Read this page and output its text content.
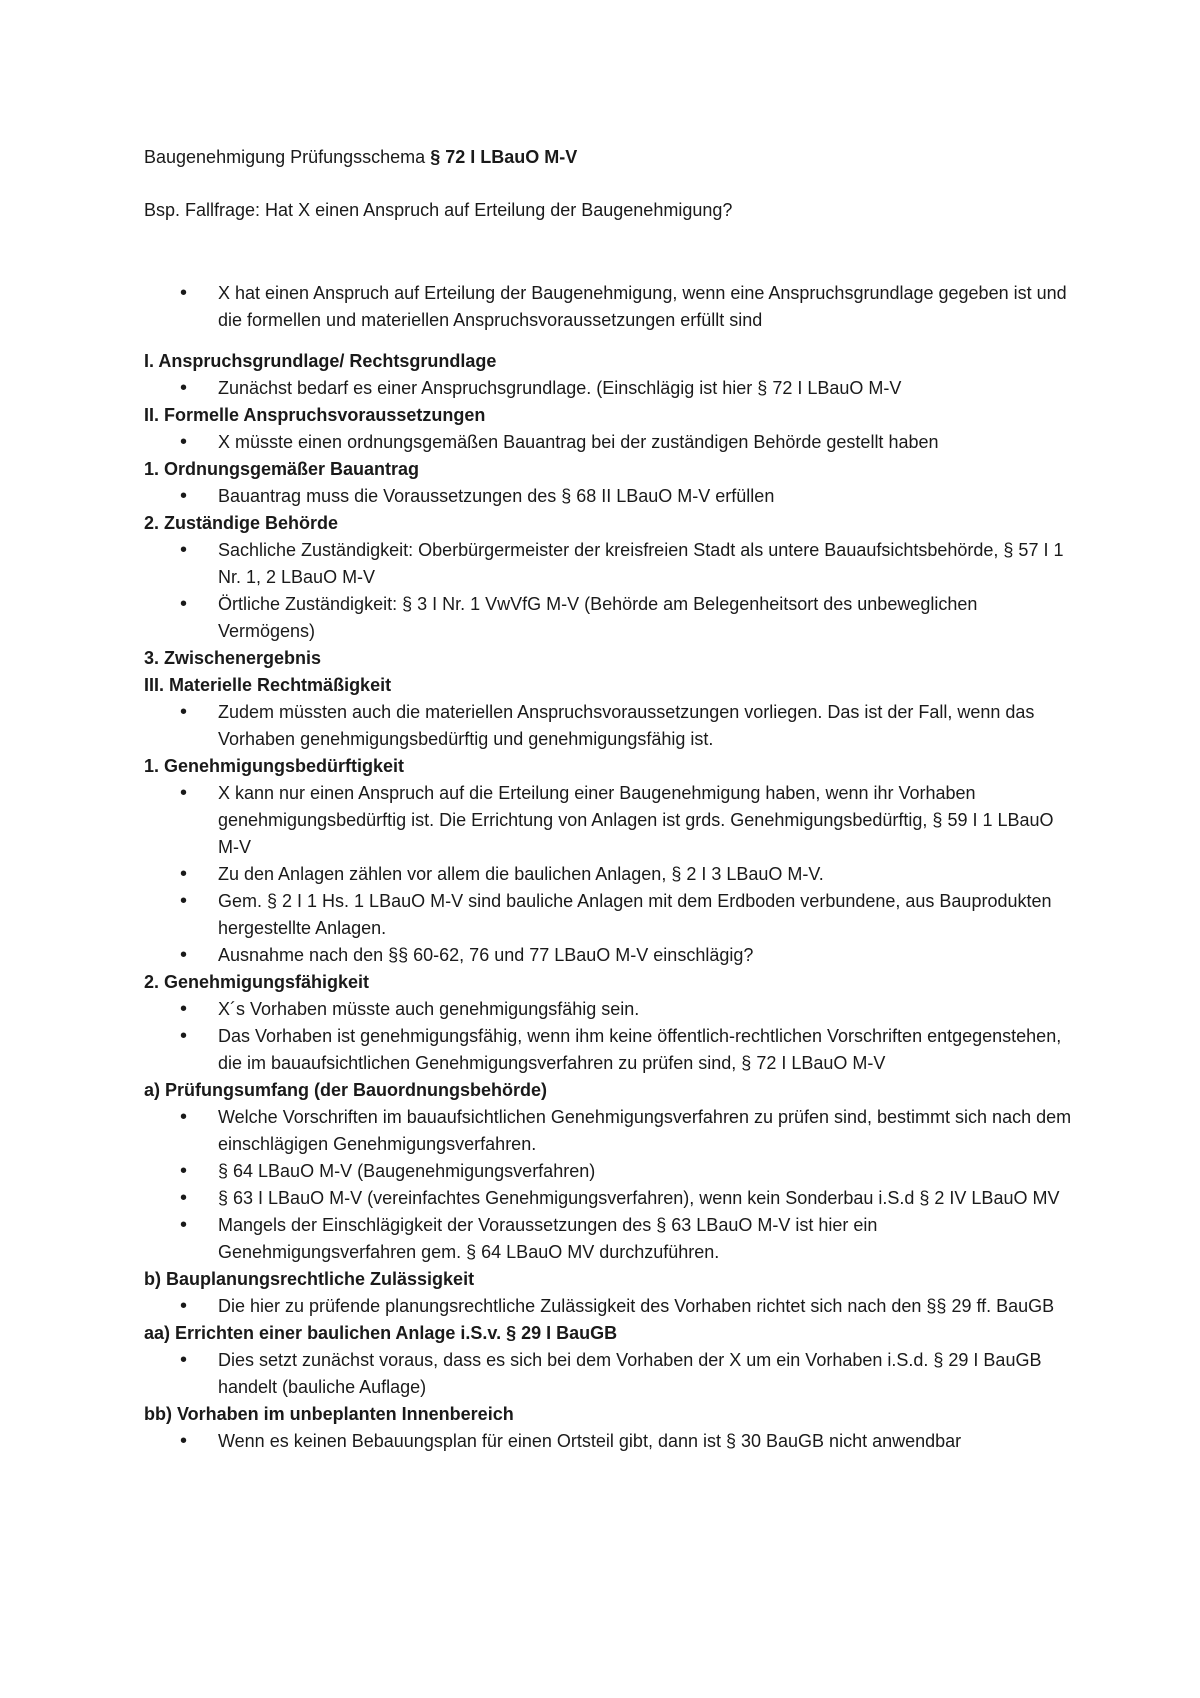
Baugenehmigung Prüfungsschema § 72 I LBauO M-V

Bsp. Fallfrage: Hat X einen Anspruch auf Erteilung der Baugenehmigung?

• X hat einen Anspruch auf Erteilung der Baugenehmigung, wenn eine Anspruchsgrundlage gegeben ist und die formellen und materiellen Anspruchsvoraussetzungen erfüllt sind

I. Anspruchsgrundlage/ Rechtsgrundlage

• Zunächst bedarf es einer Anspruchsgrundlage. (Einschlägig ist hier § 72 I LBauO M-V

II. Formelle Anspruchsvoraussetzungen

• X müsste einen ordnungsgemäßen Bauantrag bei der zuständigen Behörde gestellt haben

1. Ordnungsgemäßer Bauantrag

• Bauantrag muss die Voraussetzungen des § 68 II LBauO M-V erfüllen

2. Zuständige Behörde

• Sachliche Zuständigkeit: Oberbürgermeister der kreisfreien Stadt als untere Bauaufsichtsbehörde, § 57 I 1 Nr. 1, 2 LBauO M-V
• Örtliche Zuständigkeit: § 3 I Nr. 1 VwVfG M-V (Behörde am Belegenheitsort des unbeweglichen Vermögens)

3. Zwischenergebnis

III. Materielle Rechtmäßigkeit

• Zudem müssten auch die materiellen Anspruchsvoraussetzungen vorliegen. Das ist der Fall, wenn das Vorhaben genehmigungsbedürftig und genehmigungsfähig ist.

1. Genehmigungsbedürftigkeit

• X kann nur einen Anspruch auf die Erteilung einer Baugenehmigung haben, wenn ihr Vorhaben genehmigungsbedürftig ist. Die Errichtung von Anlagen ist grds. Genehmigungsbedürftig, § 59 I 1 LBauO M-V
• Zu den Anlagen zählen vor allem die baulichen Anlagen, § 2 I 3 LBauO M-V.
• Gem. § 2 I 1 Hs. 1 LBauO M-V sind bauliche Anlagen mit dem Erdboden verbundene, aus Bauprodukten hergestellte Anlagen.
• Ausnahme nach den §§ 60-62, 76 und 77 LBauO M-V einschlägig?

2. Genehmigungsfähigkeit

• X´s Vorhaben müsste auch genehmigungsfähig sein.
• Das Vorhaben ist genehmigungsfähig, wenn ihm keine öffentlich-rechtlichen Vorschriften entgegenstehen, die im bauaufsichtlichen Genehmigungsverfahren zu prüfen sind, § 72 I LBauO M-V

a) Prüfungsumfang (der Bauordnungsbehörde)

• Welche Vorschriften im bauaufsichtlichen Genehmigungsverfahren zu prüfen sind, bestimmt sich nach dem einschlägigen Genehmigungsverfahren.
• § 64 LBauO M-V (Baugenehmigungsverfahren)
• § 63 I LBauO M-V (vereinfachtes Genehmigungsverfahren), wenn kein Sonderbau i.S.d § 2 IV LBauO MV
• Mangels der Einschlägigkeit der Voraussetzungen des § 63 LBauO M-V ist hier ein Genehmigungsverfahren gem. § 64 LBauO MV durchzuführen.

b) Bauplanungsrechtliche Zulässigkeit

• Die hier zu prüfende planungsrechtliche Zulässigkeit des Vorhaben richtet sich nach den §§ 29 ff. BauGB

aa) Errichten einer baulichen Anlage i.S.v. § 29 I BauGB

• Dies setzt zunächst voraus, dass es sich bei dem Vorhaben der X um ein Vorhaben i.S.d. § 29 I BauGB handelt (bauliche Auflage)

bb) Vorhaben im unbeplanten Innenbereich

• Wenn es keinen Bebauungsplan für einen Ortsteil gibt, dann ist § 30 BauGB nicht anwendbar
